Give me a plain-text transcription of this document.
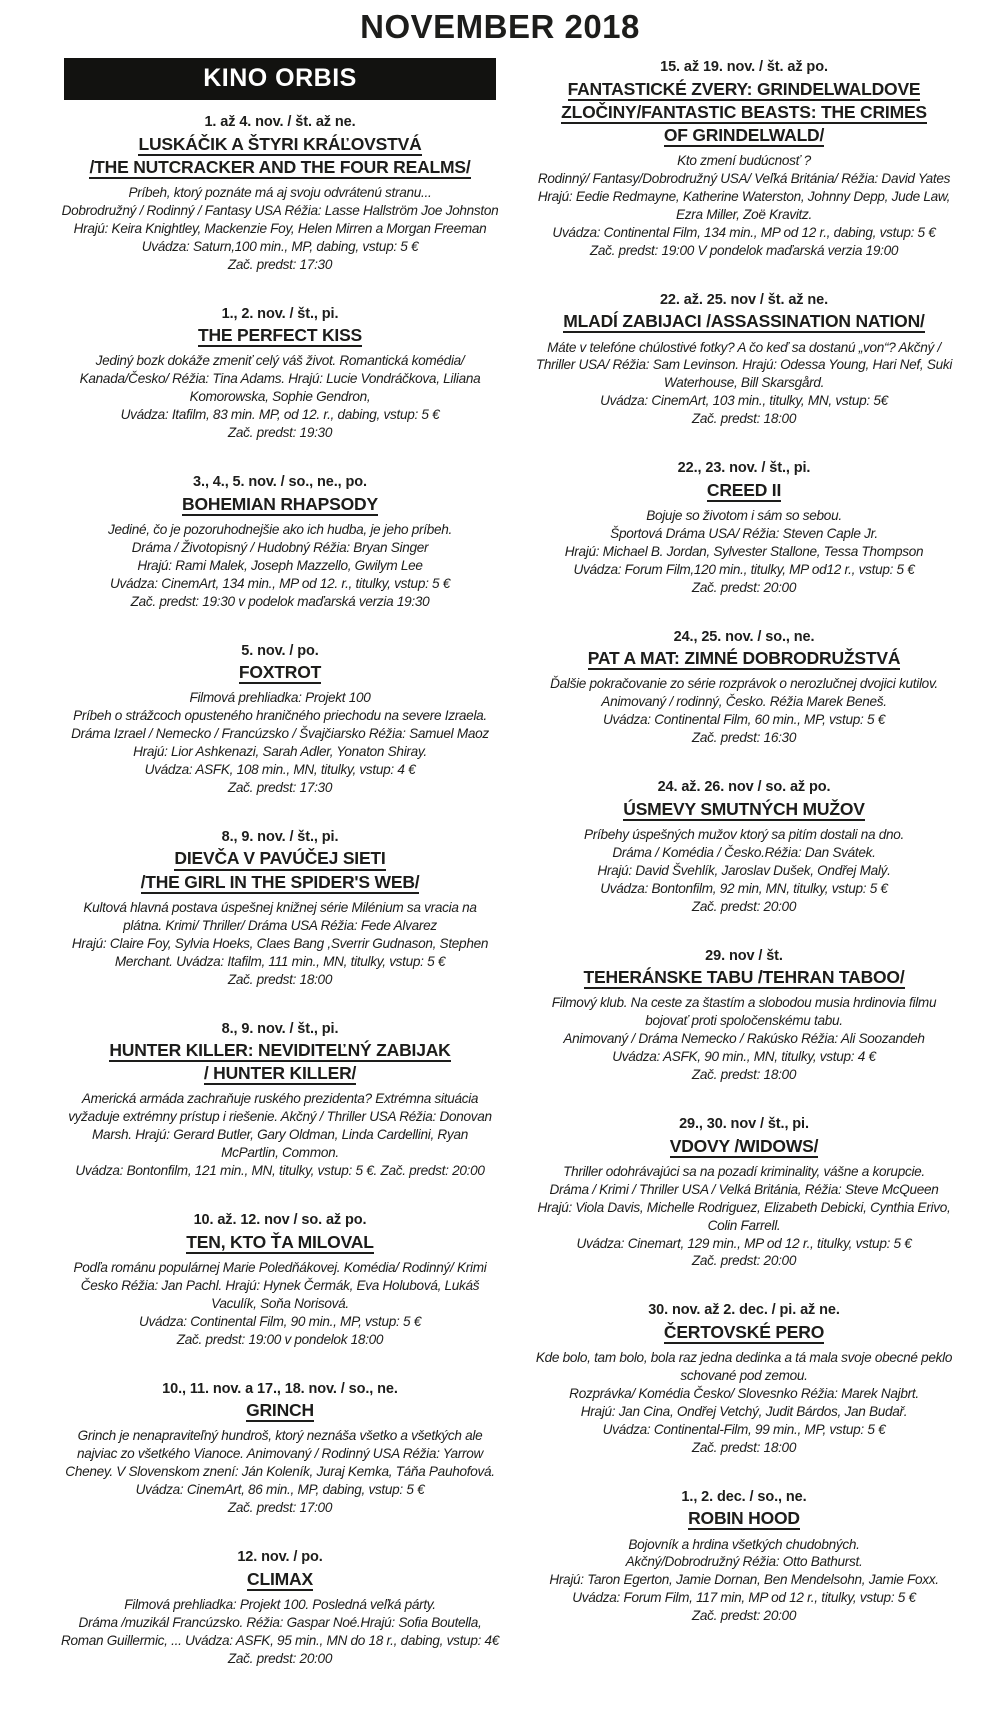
NOVEMBER 2018
KINO ORBIS
1. až 4. nov. / št. až ne.
LUSKÁČIK A ŠTYRI KRÁĽOVSTVÁ
/THE NUTCRACKER AND THE FOUR REALMS/
Príbeh, ktorý poznáte má aj svoju odvrátenú stranu...
Dobrodružný / Rodinný / Fantasy USA Réžia: Lasse Hallström Joe Johnston
Hrajú: Keira Knightley, Mackenzie Foy, Helen Mirren a Morgan Freeman
Uvádza: Saturn,100 min., MP, dabing, vstup: 5 €
Zač. predst: 17:30
1., 2. nov. / št., pi.
THE PERFECT KISS
Jediný bozk dokáže zmeniť celý váš život. Romantická komédia/
Kanada/Česko/ Réžia: Tina Adams. Hrajú: Lucie Vondráčkova, Liliana
Komorowska, Sophie Gendron,
Uvádza: Itafilm, 83 min. MP, od 12. r., dabing, vstup: 5 €
Zač. predst: 19:30
3., 4., 5. nov. / so., ne., po.
BOHEMIAN RHAPSODY
Jediné, čo je pozoruhodnejšie ako ich hudba, je jeho príbeh.
Dráma / Životopisný / Hudobný Réžia: Bryan Singer
Hrajú: Rami Malek, Joseph Mazzello, Gwilym Lee
Uvádza: CinemArt, 134 min., MP od 12. r., titulky, vstup: 5 €
Zač. predst: 19:30 v podelok maďarská verzia 19:30
5. nov. / po.
FOXTROT
Filmová prehliadka: Projekt 100
Príbeh o strážcoch opusteného hraničného priechodu na severe Izraela.
Dráma Izrael / Nemecko / Francúzsko / Švajčiarsko Réžia: Samuel Maoz
Hrajú: Lior Ashkenazi, Sarah Adler, Yonaton Shiray.
Uvádza: ASFK, 108 min., MN, titulky, vstup: 4 €
Zač. predst: 17:30
8., 9. nov. / št., pi.
DIEVČA V PAVÚČEJ SIETI
/THE GIRL IN THE SPIDER'S WEB/
Kultová hlavná postava úspešnej knižnej série Milénium sa vracia na
plátna. Krimi/ Thriller/ Dráma USA Réžia: Fede Alvarez
Hrajú: Claire Foy, Sylvia Hoeks, Claes Bang ,Sverrir Gudnason, Stephen
Merchant. Uvádza: Itafilm, 111 min., MN, titulky, vstup: 5 €
Zač. predst: 18:00
8., 9. nov. / št., pi.
HUNTER KILLER: NEVIDITEĽNÝ ZABIJAK
/ HUNTER KILLER/
Americká armáda zachraňuje ruského prezidenta? Extrémna situácia
vyžaduje extrémny prístup i riešenie. Akčný / Thriller USA Réžia: Donovan
Marsh. Hrajú: Gerard Butler, Gary Oldman, Linda Cardellini, Ryan
McPartlin, Common.
Uvádza: Bontonfilm, 121 min., MN, titulky, vstup: 5 €. Zač. predst: 20:00
10. až. 12. nov / so. až po.
TEN, KTO ŤA MILOVAL
Podľa románu populárnej Marie Poledňákovej. Komédia/ Rodinný/ Krimi
Česko Réžia: Jan Pachl. Hrajú: Hynek Čermák, Eva Holubová, Lukáš
Vaculík, Soňa Norisová.
Uvádza: Continental Film, 90 min., MP, vstup: 5 €
Zač. predst: 19:00 v pondelok 18:00
10., 11. nov. a 17., 18. nov. / so., ne.
GRINCH
Grinch je nenapraviteľný hundroš, ktorý neznáša všetko a všetkých ale
najviac zo všetkého Vianoce. Animovaný / Rodinný USA Réžia: Yarrow
Cheney. V Slovenskom znení: Ján Koleník, Juraj Kemka, Táňa Pauhofová.
Uvádza: CinemArt, 86 min., MP, dabing, vstup: 5 €
Zač. predst: 17:00
12. nov. / po.
CLIMAX
Filmová prehliadka: Projekt 100. Posledná veľká párty.
Dráma /muzikál Francúzsko. Réžia: Gaspar Noé.Hrajú: Sofia Boutella,
Roman Guillermic, ... Uvádza: ASFK, 95 min., MN do 18 r., dabing, vstup: 4€
Zač. predst: 20:00
15. až 19. nov. / št. až po.
FANTASTICKÉ ZVERY: GRINDELWALDOVE
ZLOČINY/FANTASTIC BEASTS: THE CRIMES
OF GRINDELWALD/
Kto zmení budúcnosť ?
Rodinný/ Fantasy/Dobrodružný USA/ Veľká Británia/ Réžia: David Yates
Hrajú: Eedie Redmayne, Katherine Waterston, Johnny Depp, Jude Law,
Ezra Miller, Zoë Kravitz.
Uvádza: Continental Film, 134 min., MP od 12 r., dabing, vstup: 5 €
Zač. predst: 19:00 V pondelok maďarská verzia 19:00
22. až. 25. nov / št. až ne.
MLADÍ ZABIJACI /ASSASSINATION NATION/
Máte v telefóne chúlostivé fotky? A čo keď sa dostanú „von“? Akčný /
Thriller USA/ Réžia: Sam Levinson. Hrajú: Odessa Young, Hari Nef, Suki
Waterhouse, Bill Skarsgård.
Uvádza: CinemArt, 103 min., titulky, MN, vstup: 5€
Zač. predst: 18:00
22., 23. nov. / št., pi.
CREED II
Bojuje so životom i sám so sebou.
Športová Dráma USA/ Réžia: Steven Caple Jr.
Hrajú: Michael B. Jordan, Sylvester Stallone, Tessa Thompson
Uvádza: Forum Film,120 min., titulky, MP od12 r., vstup: 5 €
Zač. predst: 20:00
24., 25. nov. / so., ne.
PAT A MAT: ZIMNÉ DOBRODRUŽSTVÁ
Ďalšie pokračovanie zo série rozprávok o nerozlučnej dvojici kutilov.
Animovaný / rodinný, Česko. Réžia Marek Beneš.
Uvádza: Continental Film, 60 min., MP, vstup: 5 €
Zač. predst: 16:30
24. až. 26. nov / so. až po.
ÚSMEVY SMUTNÝCH MUŽOV
Príbehy úspešných mužov ktorý sa pitím dostali na dno.
Dráma / Komédia / Česko.Réžia: Dan Svátek.
Hrajú: David Švehlík, Jaroslav Dušek, Ondřej Malý.
Uvádza: Bontonfilm, 92 min, MN, titulky, vstup: 5 €
Zač. predst: 20:00
29. nov / št.
TEHERÁNSKE TABU /TEHRAN TABOO/
Filmový klub. Na ceste za štastím a slobodou musia hrdinovia filmu
bojovať proti spoločenskému tabu.
Animovaný / Dráma Nemecko / Rakúsko Réžia: Ali Soozandeh
Uvádza: ASFK, 90 min., MN, titulky, vstup: 4 €
Zač. predst: 18:00
29., 30. nov / št., pi.
VDOVY /WIDOWS/
Thriller odohrávajúci sa na pozadí kriminality, vášne a korupcie.
Dráma / Krimi / Thriller USA / Velká Británia, Réžia: Steve McQueen
Hrajú: Viola Davis, Michelle Rodriguez, Elizabeth Debicki, Cynthia Erivo,
Colin Farrell.
Uvádza: Cinemart, 129 min., MP od 12 r., titulky, vstup: 5 €
Zač. predst: 20:00
30. nov. až 2. dec. / pi. až ne.
ČERTOVSKÉ PERO
Kde bolo, tam bolo, bola raz jedna dedinka a tá mala svoje obecné peklo
schované pod zemou.
Rozprávka/ Komédia Česko/ Slovesnko Réžia: Marek Najbrt.
Hrajú: Jan Cina, Ondřej Vetchý, Judit Bárdos, Jan Budař.
Uvádza: Continental-Film, 99 min., MP, vstup: 5 €
Zač. predst: 18:00
1., 2. dec. / so., ne.
ROBIN HOOD
Bojovník a hrdina všetkých chudobných.
Akčný/Dobrodružný Réžia: Otto Bathurst.
Hrajú: Taron Egerton, Jamie Dornan, Ben Mendelsohn, Jamie Foxx.
Uvádza: Forum Film, 117 min, MP od 12 r., titulky, vstup: 5 €
Zač. predst: 20:00
